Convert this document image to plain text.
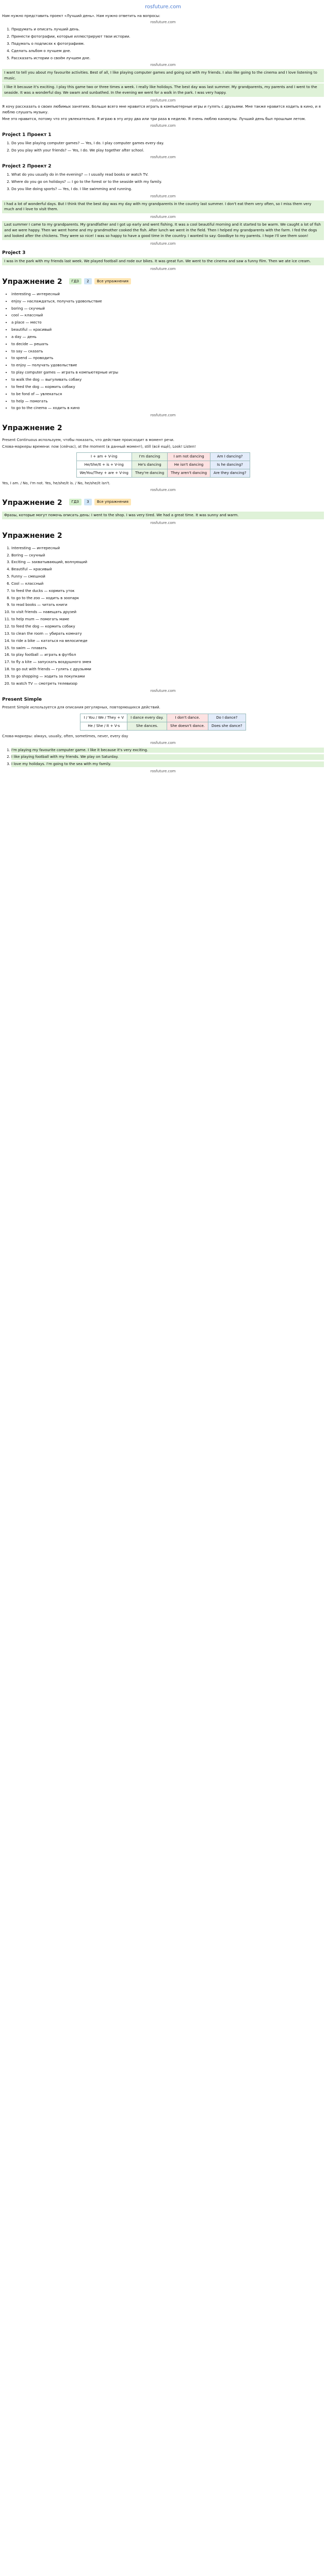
rosfuture.com

Нам нужно представить проект «Лучший день». Нам нужно ответить на вопросы:

rosfuture.com
1. Придумать и описать лучший день.
2. Принести фотографии, которые иллюстрируют твои истории.
3. Подумать о подписях к фотографиям.
4. Сделать альбом о лучшем дне.
5. Рассказать истории о своём лучшем дне.
rosfuture.com

I want to tell you about my favourite activities. Best of all, I like playing computer games and going out with my friends. I also like going to the cinema and I love listening to music.

I like it because it's exciting. I play this game two or three times a week. I really like holidays. The best day was last summer. My grandparents, my parents and I went to the seaside. It was a wonderful day. We swam and sunbathed. In the evening we went for a walk in the park. I was very happy.

rosfuture.com

Я хочу рассказать о своих любимых занятиях. Больше всего мне нравится играть в компьютерные игры и гулять с друзьями. Мне также нравится ходить в кино, и я люблю слушать музыку.

Мне это нравится, потому что это увлекательно. Я играю в эту игру два или три раза в неделю. Я очень люблю каникулы. Лучший день был прошлым летом.

rosfuture.com
Project 1 Проект 1
1. Do you like playing computer games? — Yes, I do. I play computer games every day.
2. Do you play with your friends? — Yes, I do. We play together after school.
rosfuture.com
Project 2 Проект 2
1. What do you usually do in the evening? — I usually read books or watch TV.
2. Where do you go on holidays? — I go to the forest or to the seaside with my family.
3. Do you like doing sports? — Yes, I do. I like swimming and running.
rosfuture.com

I had a lot of wonderful days. But I think that the best day was my day with my grandparents in the country last summer. I don't eat them very often, so I miss them very much and I love to visit them.

rosfuture.com

Last summer I came to my grandparents. My grandfather and I got up early and went fishing. It was a cool beautiful morning and it started to be warm. We caught a lot of fish and we were happy. Then we went home and my grandmother cooked the fish. After lunch we went in the field. Then I helped my grandparents with the farm. I fed the dogs and looked after the chickens. They were so nice! I was so happy to have a good time in the country. I wanted to say: Goodbye to my parents. I hope I'll see them soon!

rosfuture.com
Project 3

I was in the park with my friends last week. We played football and rode our bikes. It was great fun. We went to the cinema and saw a funny film. Then we ate ice cream.

rosfuture.com
Упражнение 2	ГДЗ 2 Все упражнения
• interesting — интересный
• enjoy — наслаждаться, получать удовольствие
• boring — скучный
• cool — классный
• a place — место
• beautiful — красивый
• a day — день
• to decide — решать
• to say — сказать
• to spend — проводить
• to enjoy — получать удовольствие
• to play computer games — играть в компьютерные игры
• to walk the dog — выгуливать собаку
• to feed the dog — кормить собаку
• to be fond of — увлекаться
• to help — помогать
• to go to the cinema — ходить в кино
rosfuture.com
Упражнение 2

Present Continuous используем, чтобы показать, что действие происходит в момент речи.

Слова-маркеры времени: now (сейчас), at the moment (в данный момент), still (всё ещё), Look! Listen!

I + am + V-ing	I'm dancing	I am not dancing	Am I dancing?
He/She/It + is + V-ing	He's dancing	He isn't dancing	Is he dancing?
We/You/They + are + V-ing	They're dancing	They aren't dancing	Are they dancing?

Yes, I am. / No, I'm not. Yes, he/she/it is. / No, he/she/it isn't.

rosfuture.com
Упражнение 2	ГДЗ 3 Все упражнения

Фразы, которые могут помочь описать день: I went to the shop. I was very tired. We had a great time. It was sunny and warm.

rosfuture.com
Упражнение 2
1. Interesting — интересный
2. Boring — скучный
3. Exciting — захватывающий, волнующий
4. Beautiful — красивый
5. Funny — смешной
6. Cool — классный
7. to feed the ducks — кормить уток
8. to go to the zoo — ходить в зоопарк
9. to read books — читать книги
10. to visit friends — навещать друзей
11. to help mum — помогать маме
12. to feed the dog — кормить собаку
13. to clean the room — убирать комнату
14. to ride a bike — кататься на велосипеде
15. to swim — плавать
16. to play football — играть в футбол
17. to fly a kite — запускать воздушного змея
18. to go out with friends — гулять с друзьями
19. to go shopping — ходить за покупками
20. to watch TV — смотреть телевизор
rosfuture.com
Present Simple

Present Simple используется для описания регулярных, повторяющихся действий.

I / You / We / They + V	I dance every day.	I don't dance.	Do I dance?
He / She / It + V-s	She dances.	She doesn't dance.	Does she dance?

Слова-маркеры: always, usually, often, sometimes, never, every day

rosfuture.com
1. I'm playing my favourite computer game. I like it because it's very exciting.
2. I like playing football with my friends. We play on Saturday.
3. I love my holidays. I'm going to the sea with my family.
rosfuture.com
